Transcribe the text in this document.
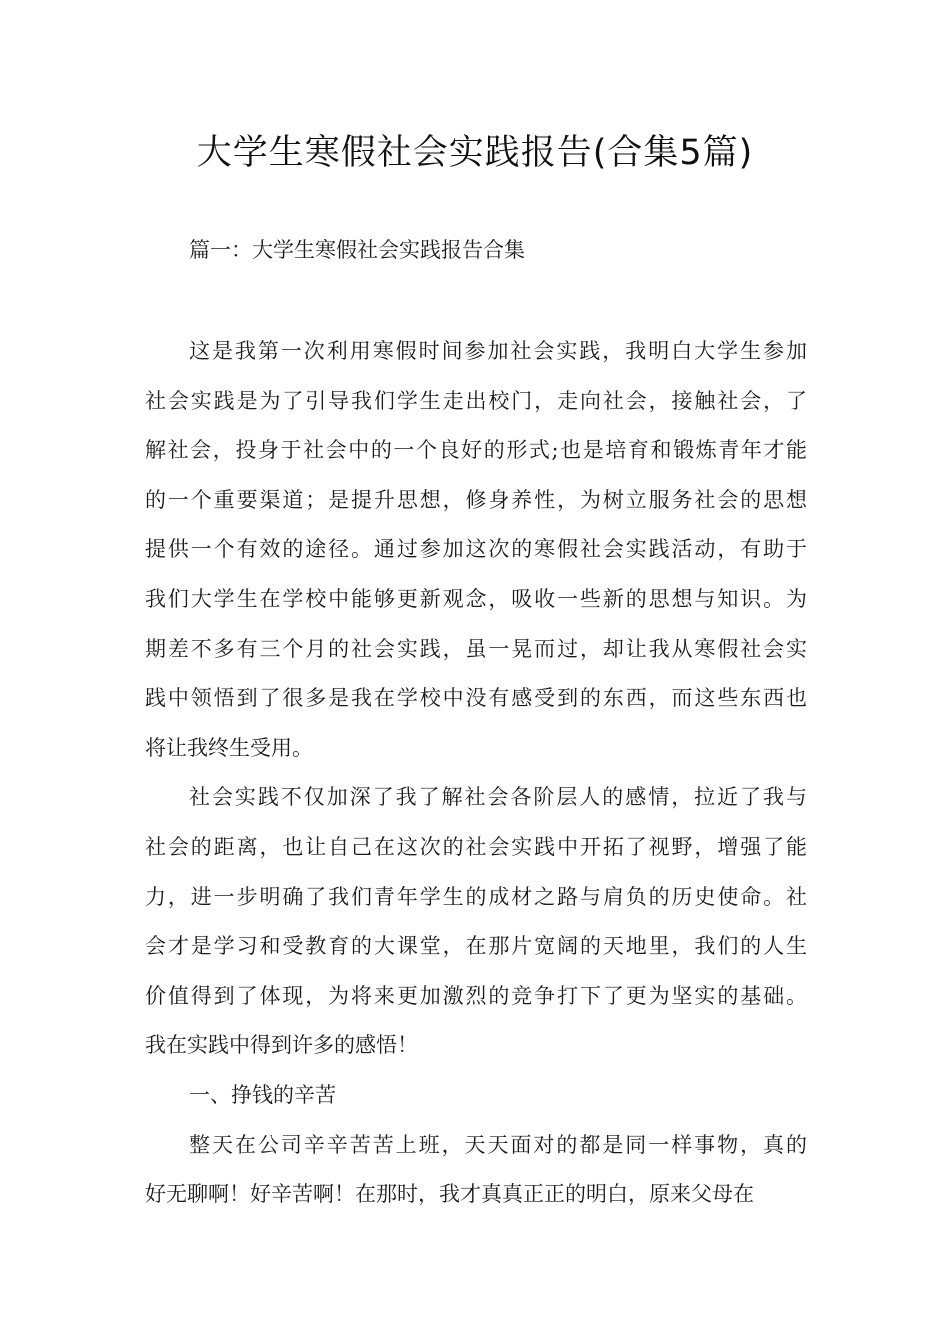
大学生寒假社会实践报告(合集5篇)

篇一：大学生寒假社会实践报告合集

这是我第一次利用寒假时间参加社会实践，我明白大学生参加
社会实践是为了引导我们学生走出校门，走向社会，接触社会，了
解社会，投身于社会中的一个良好的形式;也是培育和锻炼青年才能
的一个重要渠道；是提升思想，修身养性，为树立服务社会的思想
提供一个有效的途径。通过参加这次的寒假社会实践活动，有助于
我们大学生在学校中能够更新观念，吸收一些新的思想与知识。为
期差不多有三个月的社会实践，虽一晃而过，却让我从寒假社会实
践中领悟到了很多是我在学校中没有感受到的东西，而这些东西也
将让我终生受用。
社会实践不仅加深了我了解社会各阶层人的感情，拉近了我与
社会的距离，也让自己在这次的社会实践中开拓了视野，增强了能
力，进一步明确了我们青年学生的成材之路与肩负的历史使命。社
会才是学习和受教育的大课堂，在那片宽阔的天地里，我们的人生
价值得到了体现，为将来更加激烈的竞争打下了更为坚实的基础。
我在实践中得到许多的感悟！
一、挣钱的辛苦
整天在公司辛辛苦苦上班，天天面对的都是同一样事物，真的
好无聊啊！好辛苦啊！在那时，我才真真正正的明白，原来父母在
